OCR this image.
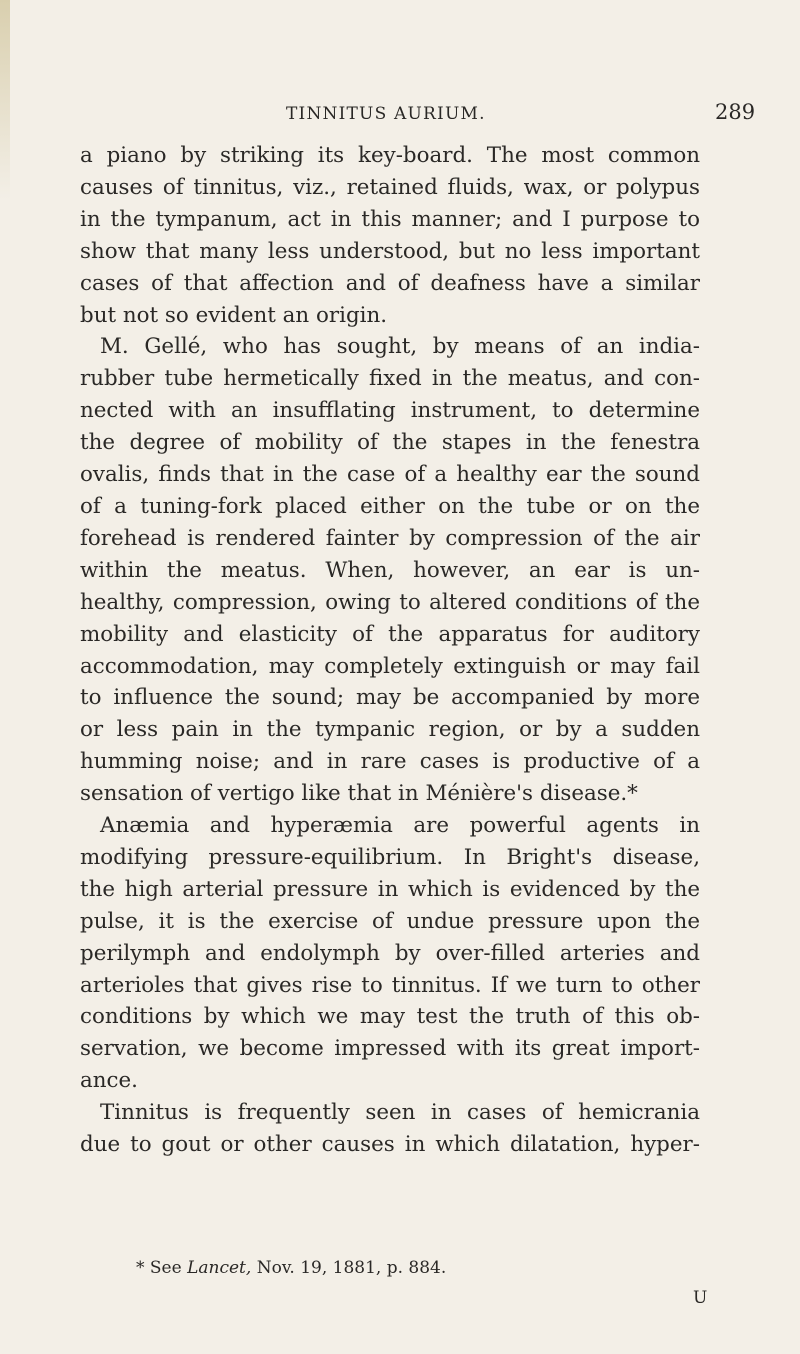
TINNITUS AURIUM.	289
a piano by striking its key-board. The most common
causes of tinnitus, viz., retained fluids, wax, or polypus
in the tympanum, act in this manner; and I purpose to
show that many less understood, but no less important
cases of that affection and of deafness have a similar
but not so evident an origin.
M. Gellé, who has sought, by means of an india-
rubber tube hermetically fixed in the meatus, and con-
nected with an insufflating instrument, to determine
the degree of mobility of the stapes in the fenestra
ovalis, finds that in the case of a healthy ear the sound
of a tuning-fork placed either on the tube or on the
forehead is rendered fainter by compression of the air
within the meatus. When, however, an ear is un-
healthy, compression, owing to altered conditions of the
mobility and elasticity of the apparatus for auditory
accommodation, may completely extinguish or may fail
to influence the sound; may be accompanied by more
or less pain in the tympanic region, or by a sudden
humming noise; and in rare cases is productive of a
sensation of vertigo like that in Ménière's disease.*
Anæmia and hyperæmia are powerful agents in
modifying pressure-equilibrium. In Bright's disease,
the high arterial pressure in which is evidenced by the
pulse, it is the exercise of undue pressure upon the
perilymph and endolymph by over-filled arteries and
arterioles that gives rise to tinnitus. If we turn to other
conditions by which we may test the truth of this ob-
servation, we become impressed with its great import-
ance.
Tinnitus is frequently seen in cases of hemicrania
due to gout or other causes in which dilatation, hyper-
* See Lancet, Nov. 19, 1881, p. 884.
U
